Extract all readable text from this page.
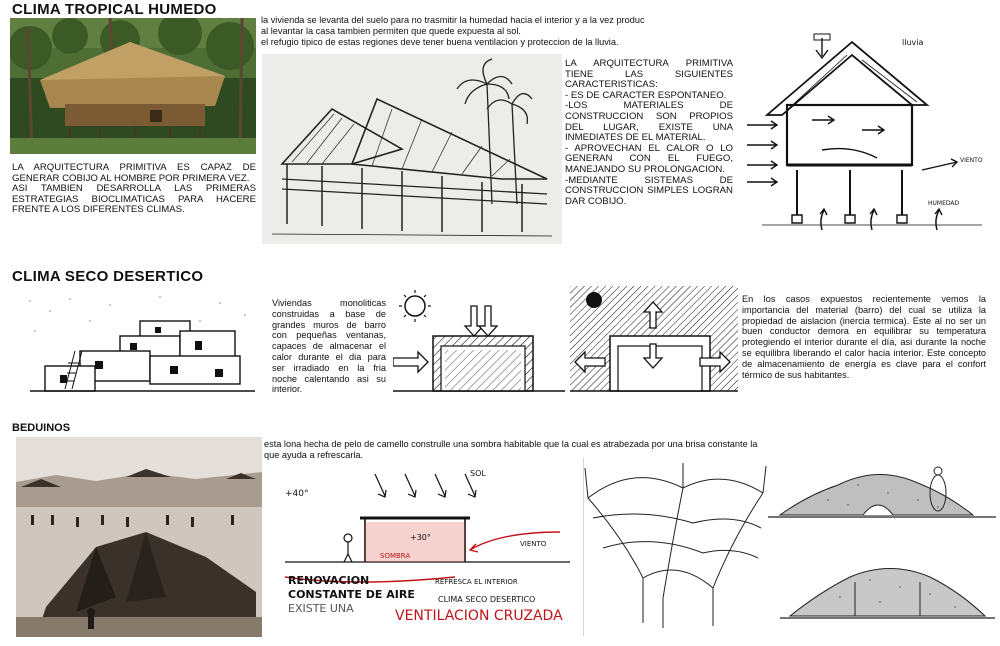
CLIMA TROPICAL HUMEDO
LA ARQUITECTURA PRIMITIVA ES CAPAZ DE GENERAR COBIJO AL HOMBRE POR PRIMERA VEZ.
ASI TAMBIEN DESARROLLA LAS PRIMERAS ESTRATEGIAS BIOCLIMATICAS PARA HACERE FRENTE A LOS DIFERENTES CLIMAS.
la vivienda se levanta del suelo para no trasmitir la humedad hacia el interior y a la vez produc
al levantar la casa tambien permiten que quede expuesta al sol.
el refugio tipico de estas regiones deve tener buena ventilacion y proteccion de la lluvia.
LA ARQUITECTURA PRIMITIVA TIENE LAS SIGUIENTES CARACTERISTICAS:
- ES DE CARACTER ESPONTANEO.
-LOS MATERIALES DE CONSTRUCCION SON PROPIOS DEL LUGAR, EXISTE UNA INMEDIATES DE EL MATERIAL.
- APROVECHAN EL CALOR O LO GENERAN CON EL FUEGO, MANEJANDO SU PROLONGACION.
-MEDIANTE SISTEMAS DE CONSTRUCCION SIMPLES LOGRAN DAR COBIJO.
lluvia
VIENTO
HUMEDAD
CLIMA SECO DESERTICO
Viviendas monoliticas construidas a base de grandes muros de barro con pequeñas ventanas, capaces de almacenar el calor durante el dia para ser irradiado en la fria noche calentando asi su interior.
En los casos expuestos recientemente vemos la importancia del material (barro) del cual se utiliza la propiedad de aislacion (inercia termica). Este al no ser un buen conductor demora en equilibrar su temperatura protegiendo el interior durante el día, asi durante la noche se equilibra liberando el calor hacia interior. Este concepto de almacenamiento de energía es clave para el confort térmico de sus habitantes.
BEDUINOS
esta lona hecha de pelo de camello construlle una sombra habitable que la cual es atrabezada por una brisa constante la que ayuda a refrescarla.
SOL
+40°
+30°
SOMBRA
VIENTO
RENOVACION
CONSTANTE DE AIRE
REFRESCA EL INTERIOR
CLIMA SECO DESERTICO
EXISTE UNA	VENTILACION CRUZADA
